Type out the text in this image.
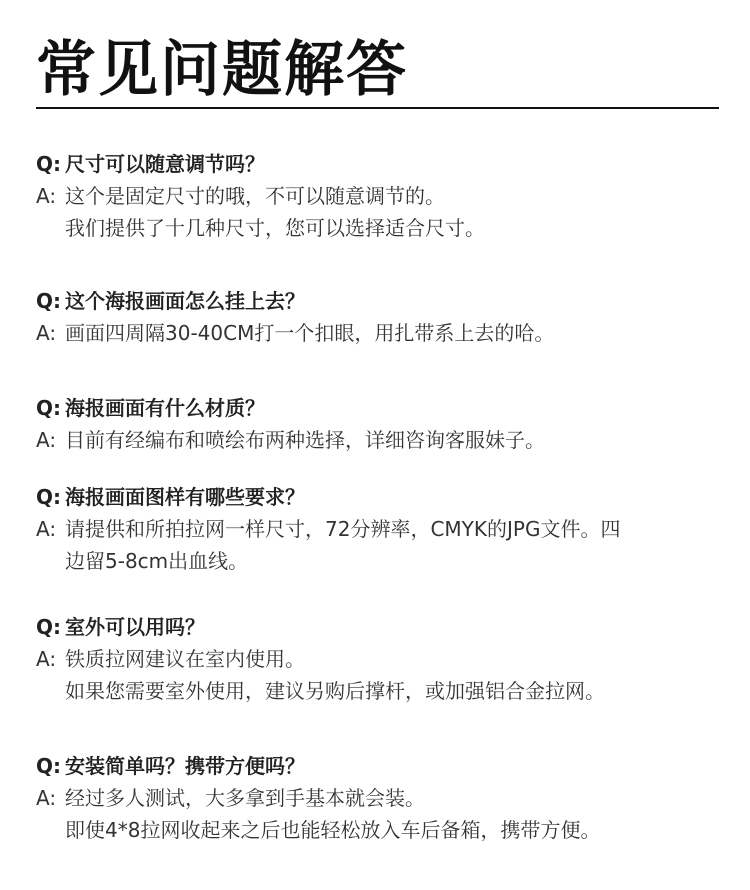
常见问题解答
Q: 尺寸可以随意调节吗？
A: 这个是固定尺寸的哦，不可以随意调节的。
我们提供了十几种尺寸，您可以选择适合尺寸。
Q: 这个海报画面怎么挂上去？
A: 画面四周隔30-40CM打一个扣眼，用扎带系上去的哈。
Q: 海报画面有什么材质？
A: 目前有经编布和喷绘布两种选择，详细咨询客服妹子。
Q: 海报画面图样有哪些要求？
A: 请提供和所拍拉网一样尺寸，72分辨率，CMYK的JPG文件。四
边留5-8cm出血线。
Q: 室外可以用吗？
A: 铁质拉网建议在室内使用。
如果您需要室外使用，建议另购后撑杆，或加强铝合金拉网。
Q: 安装简单吗？携带方便吗？
A: 经过多人测试，大多拿到手基本就会装。
即使4*8拉网收起来之后也能轻松放入车后备箱，携带方便。
